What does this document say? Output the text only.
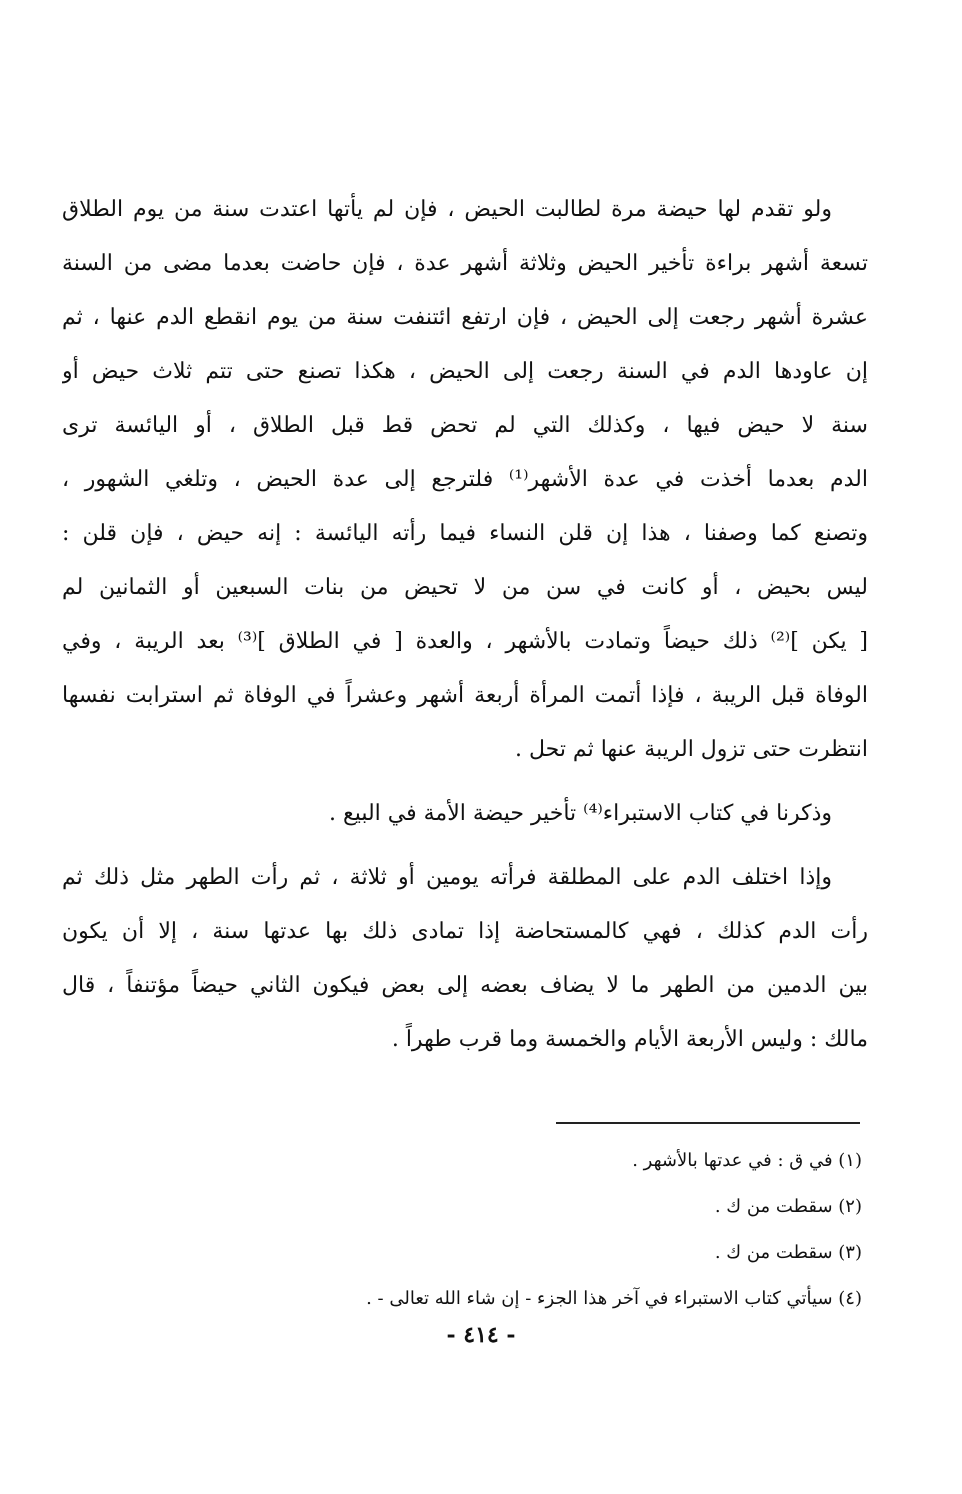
ولو تقدم لها حيضة مرة لطالبت الحيض ، فإن لم يأتها اعتدت سنة من يوم الطلاق
تسعة أشهر براءة تأخير الحيض وثلاثة أشهر عدة ، فإن حاضت بعدما مضى من السنة
عشرة أشهر رجعت إلى الحيض ، فإن ارتفع ائتنفت سنة من يوم انقطع الدم عنها ، ثم
إن عاودها الدم في السنة رجعت إلى الحيض ، هكذا تصنع حتى تتم ثلاث حيض أو
سنة لا حيض فيها ، وكذلك التي لم تحض قط قبل الطلاق ، أو اليائسة ترى
الدم بعدما أخذت في عدة الأشهر⁽¹⁾ فلترجع إلى عدة الحيض ، وتلغي الشهور ،
وتصنع كما وصفنا ، هذا إن قلن النساء فيما رأته اليائسة : إنه حيض ، فإن قلن :
ليس بحيض ، أو كانت في سن من لا تحيض من بنات السبعين أو الثمانين لم
[ يكن ]⁽²⁾ ذلك حيضاً وتمادت بالأشهر ، والعدة [ في الطلاق ]⁽³⁾ بعد الريبة ، وفي
الوفاة قبل الريبة ، فإذا أتمت المرأة أربعة أشهر وعشراً في الوفاة ثم استرابت نفسها
انتظرت حتى تزول الريبة عنها ثم تحل .
وذكرنا في كتاب الاستبراء⁽⁴⁾ تأخير حيضة الأمة في البيع .
وإذا اختلف الدم على المطلقة فرأته يومين أو ثلاثة ، ثم رأت الطهر مثل ذلك ثم
رأت الدم كذلك ، فهي كالمستحاضة إذا تمادى ذلك بها عدتها سنة ، إلا أن يكون
بين الدمين من الطهر ما لا يضاف بعضه إلى بعض فيكون الثاني حيضاً مؤتنفاً ، قال
مالك : وليس الأربعة الأيام والخمسة وما قرب طهراً .
(١) في ق : في عدتها بالأشهر .
(٢) سقطت من ك .
(٣) سقطت من ك .
(٤) سيأتي كتاب الاستبراء في آخر هذا الجزء - إن شاء الله تعالى - .
- ٤١٤ -
